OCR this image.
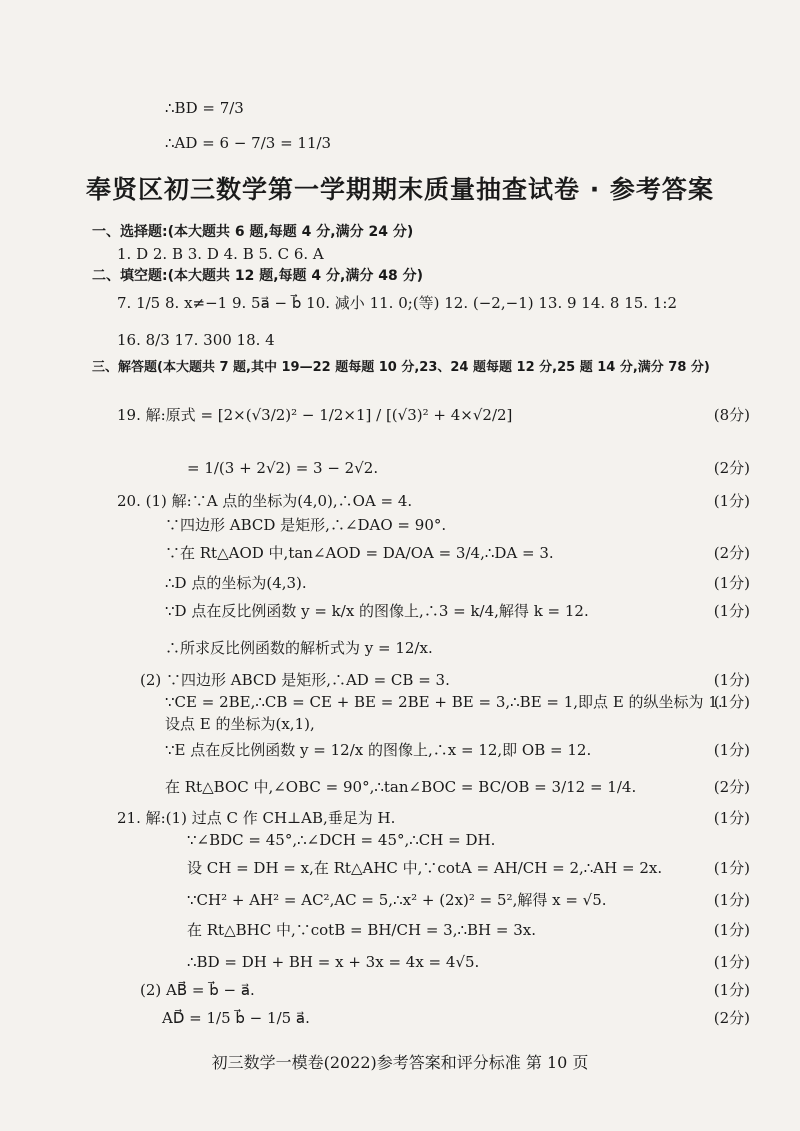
∴BD = 7/3
∴AD = 6 − 7/3 = 11/3
奉贤区初三数学第一学期期末质量抽查试卷 · 参考答案
一、选择题:(本大题共 6 题,每题 4 分,满分 24 分)
1. D 2. B 3. D 4. B 5. C 6. A
二、填空题:(本大题共 12 题,每题 4 分,满分 48 分)
7. 1/5 8. x≠−1 9. 5a⃗ − b⃗ 10. 减小 11. 0;(等) 12. (−2,−1) 13. 9 14. 8 15. 1:2
16. 8/3 17. 300 18. 4
三、解答题(本大题共 7 题,其中 19—22 题每题 10 分,23、24 题每题 12 分,25 题 14 分,满分 78 分)
19. 解:原式 = [2×(√3/2)² − 1/2×1] / [(√3)² + 4×√2/2]	(8分)
= 1/(3 + 2√2) = 3 − 2√2.	(2分)
20. (1) 解:∵A 点的坐标为(4,0),∴OA = 4.	(1分)
∵四边形 ABCD 是矩形,∴∠DAO = 90°.
∵在 Rt△AOD 中,tan∠AOD = DA/OA = 3/4,∴DA = 3.	(2分)
∴D 点的坐标为(4,3).	(1分)
∵D 点在反比例函数 y = k/x 的图像上,∴3 = k/4,解得 k = 12.	(1分)
∴所求反比例函数的解析式为 y = 12/x.
(2) ∵四边形 ABCD 是矩形,∴AD = CB = 3.	(1分)
∵CE = 2BE,∴CB = CE + BE = 2BE + BE = 3,∴BE = 1,即点 E 的纵坐标为 1.
(1分)
设点 E 的坐标为(x,1),
∵E 点在反比例函数 y = 12/x 的图像上,∴x = 12,即 OB = 12.	(1分)
在 Rt△BOC 中,∠OBC = 90°,∴tan∠BOC = BC/OB = 3/12 = 1/4.	(2分)
21. 解:(1) 过点 C 作 CH⊥AB,垂足为 H.	(1分)
∵∠BDC = 45°,∴∠DCH = 45°,∴CH = DH.
设 CH = DH = x,在 Rt△AHC 中,∵cotA = AH/CH = 2,∴AH = 2x.	(1分)
∵CH² + AH² = AC²,AC = 5,∴x² + (2x)² = 5²,解得 x = √5.	(1分)
在 Rt△BHC 中,∵cotB = BH/CH = 3,∴BH = 3x.	(1分)
∴BD = DH + BH = x + 3x = 4x = 4√5.	(1分)
(2) AB⃗ = b⃗ − a⃗.	(1分)
AD⃗ = 1/5 b⃗ − 1/5 a⃗.	(2分)
初三数学一模卷(2022)参考答案和评分标准 第 10 页
